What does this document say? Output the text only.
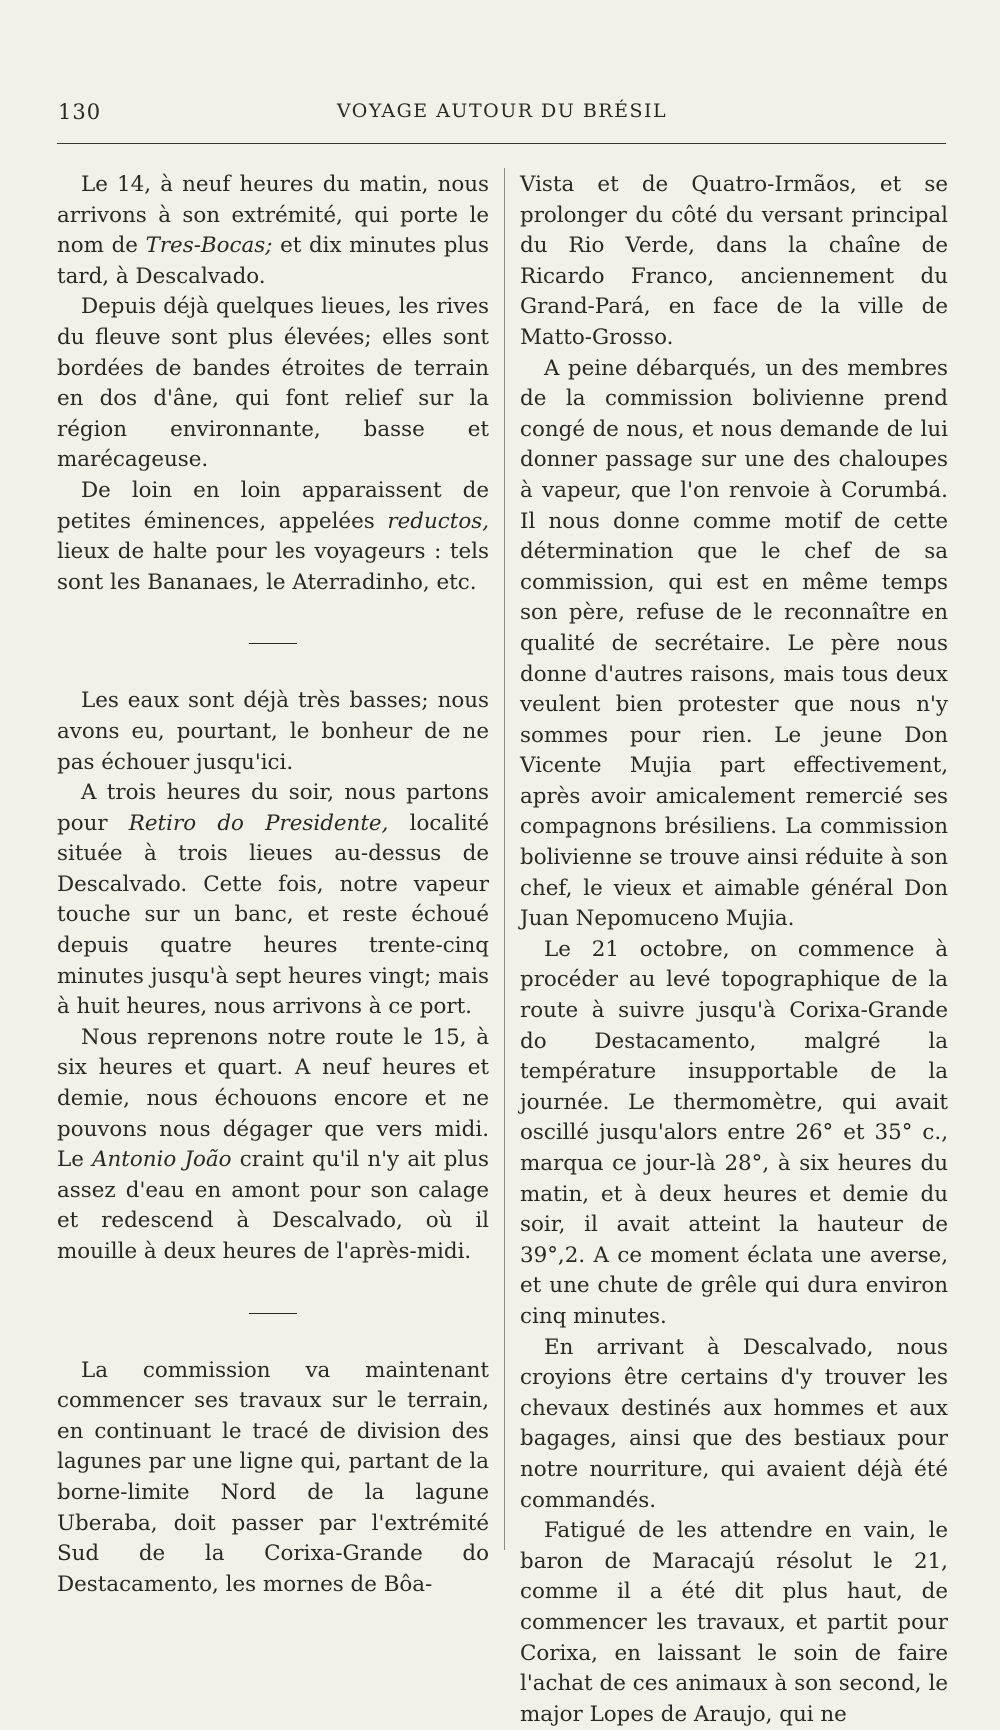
130	VOYAGE AUTOUR DU BRÉSIL

Le 14, à neuf heures du matin, nous arrivons à son extrémité, qui porte le nom de Tres-Bocas; et dix minutes plus tard, à Descalvado.

Depuis déjà quelques lieues, les rives du fleuve sont plus élevées; elles sont bordées de bandes étroites de terrain en dos d'âne, qui font relief sur la région environnante, basse et marécageuse.

De loin en loin apparaissent de petites éminences, appelées reductos, lieux de halte pour les voyageurs : tels sont les Bananaes, le Aterradinho, etc.

Les eaux sont déjà très basses; nous avons eu, pourtant, le bonheur de ne pas échouer jusqu'ici.

A trois heures du soir, nous partons pour Retiro do Presidente, localité située à trois lieues au-dessus de Descalvado. Cette fois, notre vapeur touche sur un banc, et reste échoué depuis quatre heures trente-cinq minutes jusqu'à sept heures vingt; mais à huit heures, nous arrivons à ce port.

Nous reprenons notre route le 15, à six heures et quart. A neuf heures et demie, nous échouons encore et ne pouvons nous dégager que vers midi. Le Antonio João craint qu'il n'y ait plus assez d'eau en amont pour son calage et redescend à Descalvado, où il mouille à deux heures de l'après-midi.

La commission va maintenant commencer ses travaux sur le terrain, en continuant le tracé de division des lagunes par une ligne qui, partant de la borne-limite Nord de la lagune Uberaba, doit passer par l'extrémité Sud de la Corixa-Grande do Destacamento, les mornes de Bôa-

Vista et de Quatro-Irmãos, et se prolonger du côté du versant principal du Rio Verde, dans la chaîne de Ricardo Franco, anciennement du Grand-Pará, en face de la ville de Matto-Grosso.

A peine débarqués, un des membres de la commission bolivienne prend congé de nous, et nous demande de lui donner passage sur une des chaloupes à vapeur, que l'on renvoie à Corumbá. Il nous donne comme motif de cette détermination que le chef de sa commission, qui est en même temps son père, refuse de le reconnaître en qualité de secrétaire. Le père nous donne d'autres raisons, mais tous deux veulent bien protester que nous n'y sommes pour rien. Le jeune Don Vicente Mujia part effectivement, après avoir amicalement remercié ses compagnons brésiliens. La commission bolivienne se trouve ainsi réduite à son chef, le vieux et aimable général Don Juan Nepomuceno Mujia.

Le 21 octobre, on commence à procéder au levé topographique de la route à suivre jusqu'à Corixa-Grande do Destacamento, malgré la température insupportable de la journée. Le thermomètre, qui avait oscillé jusqu'alors entre 26° et 35° c., marqua ce jour-là 28°, à six heures du matin, et à deux heures et demie du soir, il avait atteint la hauteur de 39°,2. A ce moment éclata une averse, et une chute de grêle qui dura environ cinq minutes.

En arrivant à Descalvado, nous croyions être certains d'y trouver les chevaux destinés aux hommes et aux bagages, ainsi que des bestiaux pour notre nourriture, qui avaient déjà été commandés.

Fatigué de les attendre en vain, le baron de Maracajú résolut le 21, comme il a été dit plus haut, de commencer les travaux, et partit pour Corixa, en laissant le soin de faire l'achat de ces animaux à son second, le major Lopes de Araujo, qui ne
